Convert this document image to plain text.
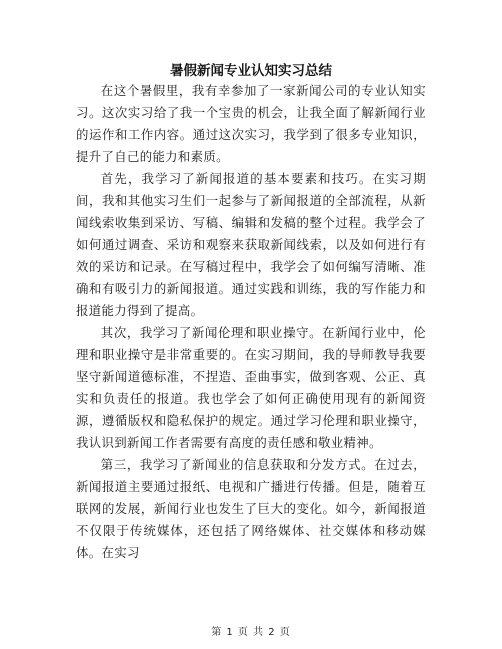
暑假新闻专业认知实习总结

在这个暑假里，我有幸参加了一家新闻公司的专业认知实习。这次实习给了我一个宝贵的机会，让我全面了解新闻行业的运作和工作内容。通过这次实习，我学到了很多专业知识，提升了自己的能力和素质。

首先，我学习了新闻报道的基本要素和技巧。在实习期间，我和其他实习生们一起参与了新闻报道的全部流程，从新闻线索收集到采访、写稿、编辑和发稿的整个过程。我学会了如何通过调查、采访和观察来获取新闻线索，以及如何进行有效的采访和记录。在写稿过程中，我学会了如何编写清晰、准确和有吸引力的新闻报道。通过实践和训练，我的写作能力和报道能力得到了提高。

其次，我学习了新闻伦理和职业操守。在新闻行业中，伦理和职业操守是非常重要的。在实习期间，我的导师教导我要坚守新闻道德标准，不捏造、歪曲事实，做到客观、公正、真实和负责任的报道。我也学会了如何正确使用现有的新闻资源，遵循版权和隐私保护的规定。通过学习伦理和职业操守，我认识到新闻工作者需要有高度的责任感和敬业精神。

第三，我学习了新闻业的信息获取和分发方式。在过去，新闻报道主要通过报纸、电视和广播进行传播。但是，随着互联网的发展，新闻行业也发生了巨大的变化。如今，新闻报道不仅限于传统媒体，还包括了网络媒体、社交媒体和移动媒体。在实习

第 1 页 共 2 页
